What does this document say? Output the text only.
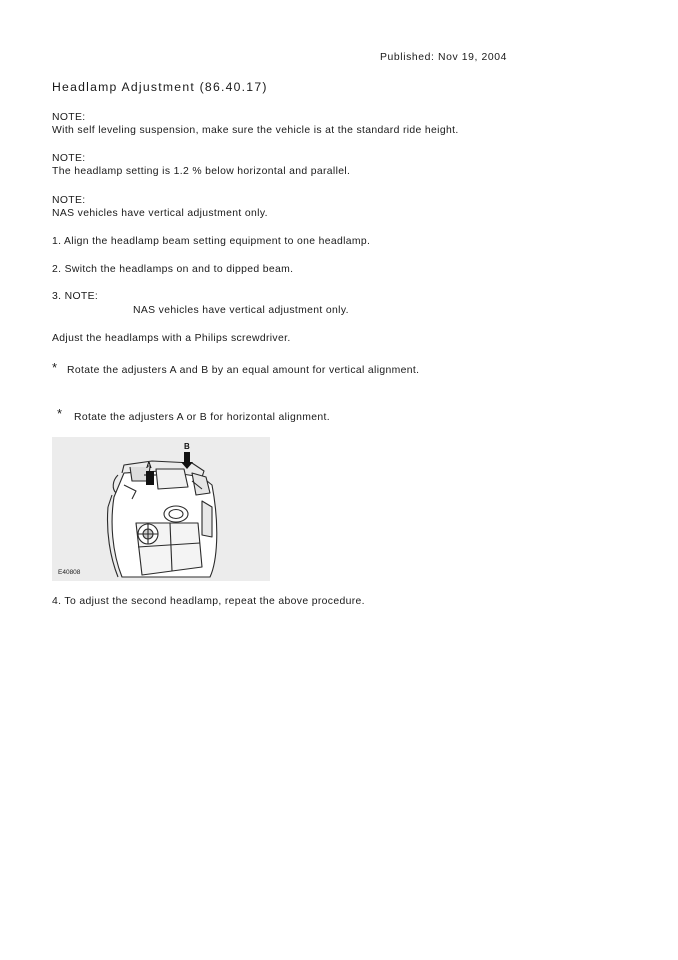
Published: Nov 19, 2004
Headlamp Adjustment (86.40.17)
NOTE:
With self leveling suspension, make sure the vehicle is at the standard ride height.
NOTE:
The headlamp setting is 1.2 % below horizontal and parallel.
NOTE:
NAS vehicles have vertical adjustment only.
1. Align the headlamp beam setting equipment to one headlamp.
2. Switch the headlamps on and to dipped beam.
3. NOTE:
NAS vehicles have vertical adjustment only.
Adjust the headlamps with a Philips screwdriver.
* Rotate the adjusters A and B by an equal amount for vertical alignment.
* Rotate the adjusters A or B for horizontal alignment.
A
B
E40808
4. To adjust the second headlamp, repeat the above procedure.
